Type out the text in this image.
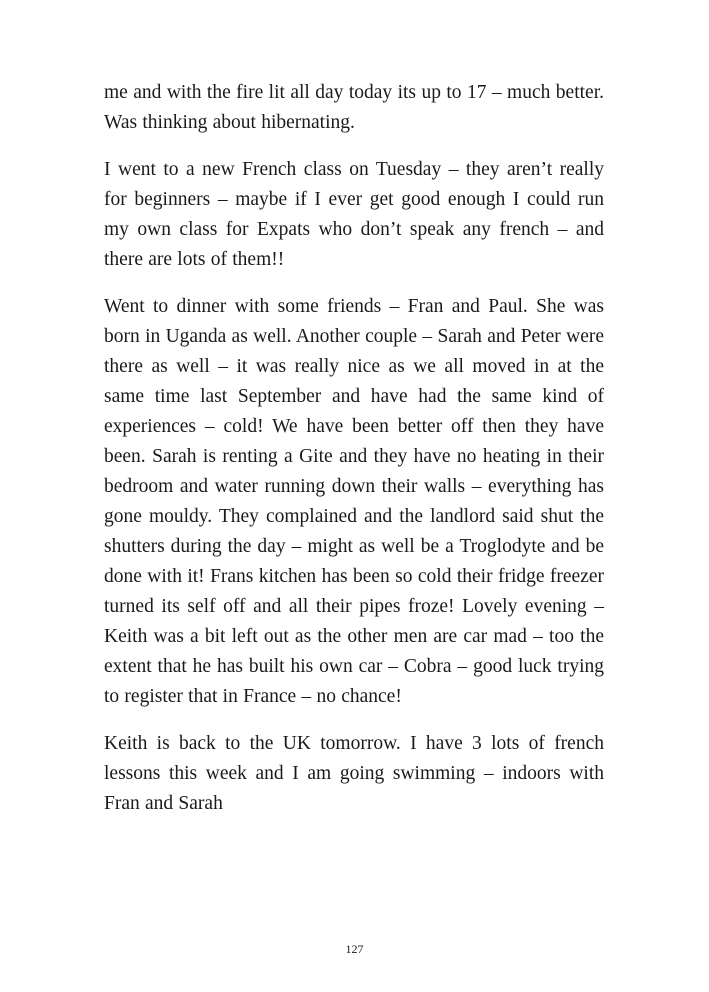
me and with the fire lit all day today its up to 17 – much better. Was thinking about hibernating.

I went to a new French class on Tuesday – they aren’t really for beginners – maybe if I ever get good enough I could run my own class for Expats who don’t speak any french – and there are lots of them!!

Went to dinner with some friends – Fran and Paul. She was born in Uganda as well. Another couple – Sarah and Peter were there as well – it was really nice as we all moved in at the same time last September and have had the same kind of experiences – cold! We have been better off then they have been. Sarah is renting a Gite and they have no heating in their bedroom and water running down their walls – everything has gone mouldy. They complained and the landlord said shut the shutters during the day – might as well be a Troglodyte and be done with it! Frans kitchen has been so cold their fridge freezer turned its self off and all their pipes froze! Lovely evening – Keith was a bit left out as the other men are car mad – too the extent that he has built his own car – Cobra – good luck trying to register that in France – no chance!

Keith is back to the UK tomorrow. I have 3 lots of french lessons this week and I am going swimming – indoors with Fran and Sarah

127
